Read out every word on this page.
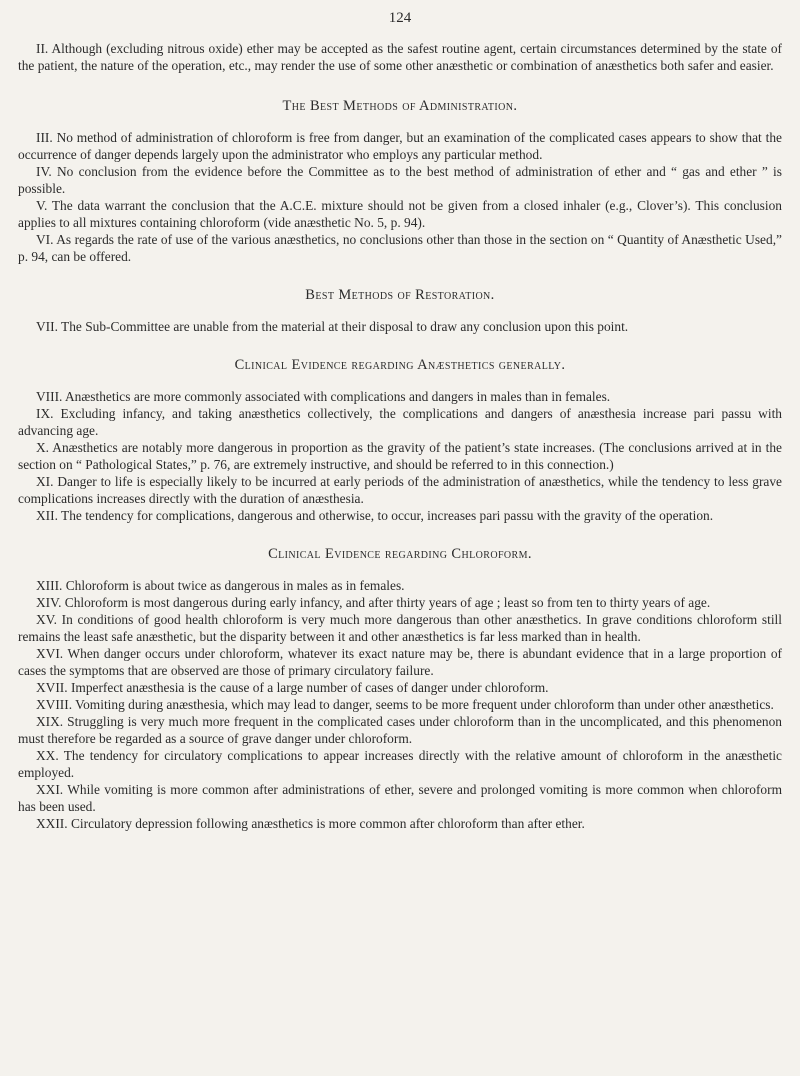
124

II. Although (excluding nitrous oxide) ether may be accepted as the safest routine agent, certain circumstances determined by the state of the patient, the nature of the operation, etc., may render the use of some other anæsthetic or combination of anæsthetics both safer and easier.

The Best Methods of Administration.

III. No method of administration of chloroform is free from danger, but an examination of the complicated cases appears to show that the occurrence of danger depends largely upon the administrator who employs any particular method.

IV. No conclusion from the evidence before the Committee as to the best method of administration of ether and “ gas and ether ” is possible.

V. The data warrant the conclusion that the A.C.E. mixture should not be given from a closed inhaler (e.g., Clover’s). This conclusion applies to all mixtures containing chloroform (vide anæsthetic No. 5, p. 94).

VI. As regards the rate of use of the various anæsthetics, no conclusions other than those in the section on “ Quantity of Anæsthetic Used,” p. 94, can be offered.

Best Methods of Restoration.

VII. The Sub-Committee are unable from the material at their disposal to draw any conclusion upon this point.

Clinical Evidence regarding Anæsthetics generally.

VIII. Anæsthetics are more commonly associated with complications and dangers in males than in females.

IX. Excluding infancy, and taking anæsthetics collectively, the complications and dangers of anæsthesia increase pari passu with advancing age.

X. Anæsthetics are notably more dangerous in proportion as the gravity of the patient’s state increases. (The conclusions arrived at in the section on “ Pathological States,” p. 76, are extremely instructive, and should be referred to in this connection.)

XI. Danger to life is especially likely to be incurred at early periods of the administration of anæsthetics, while the tendency to less grave complications increases directly with the duration of anæsthesia.

XII. The tendency for complications, dangerous and otherwise, to occur, increases pari passu with the gravity of the operation.

Clinical Evidence regarding Chloroform.

XIII. Chloroform is about twice as dangerous in males as in females.

XIV. Chloroform is most dangerous during early infancy, and after thirty years of age ; least so from ten to thirty years of age.

XV. In conditions of good health chloroform is very much more dangerous than other anæsthetics. In grave conditions chloroform still remains the least safe anæsthetic, but the disparity between it and other anæsthetics is far less marked than in health.

XVI. When danger occurs under chloroform, whatever its exact nature may be, there is abundant evidence that in a large proportion of cases the symptoms that are observed are those of primary circulatory failure.

XVII. Imperfect anæsthesia is the cause of a large number of cases of danger under chloroform.

XVIII. Vomiting during anæsthesia, which may lead to danger, seems to be more frequent under chloroform than under other anæsthetics.

XIX. Struggling is very much more frequent in the complicated cases under chloroform than in the uncomplicated, and this phenomenon must therefore be regarded as a source of grave danger under chloroform.

XX. The tendency for circulatory complications to appear increases directly with the relative amount of chloroform in the anæsthetic employed.

XXI. While vomiting is more common after administrations of ether, severe and prolonged vomiting is more common when chloroform has been used.

XXII. Circulatory depression following anæsthetics is more common after chloroform than after ether.
